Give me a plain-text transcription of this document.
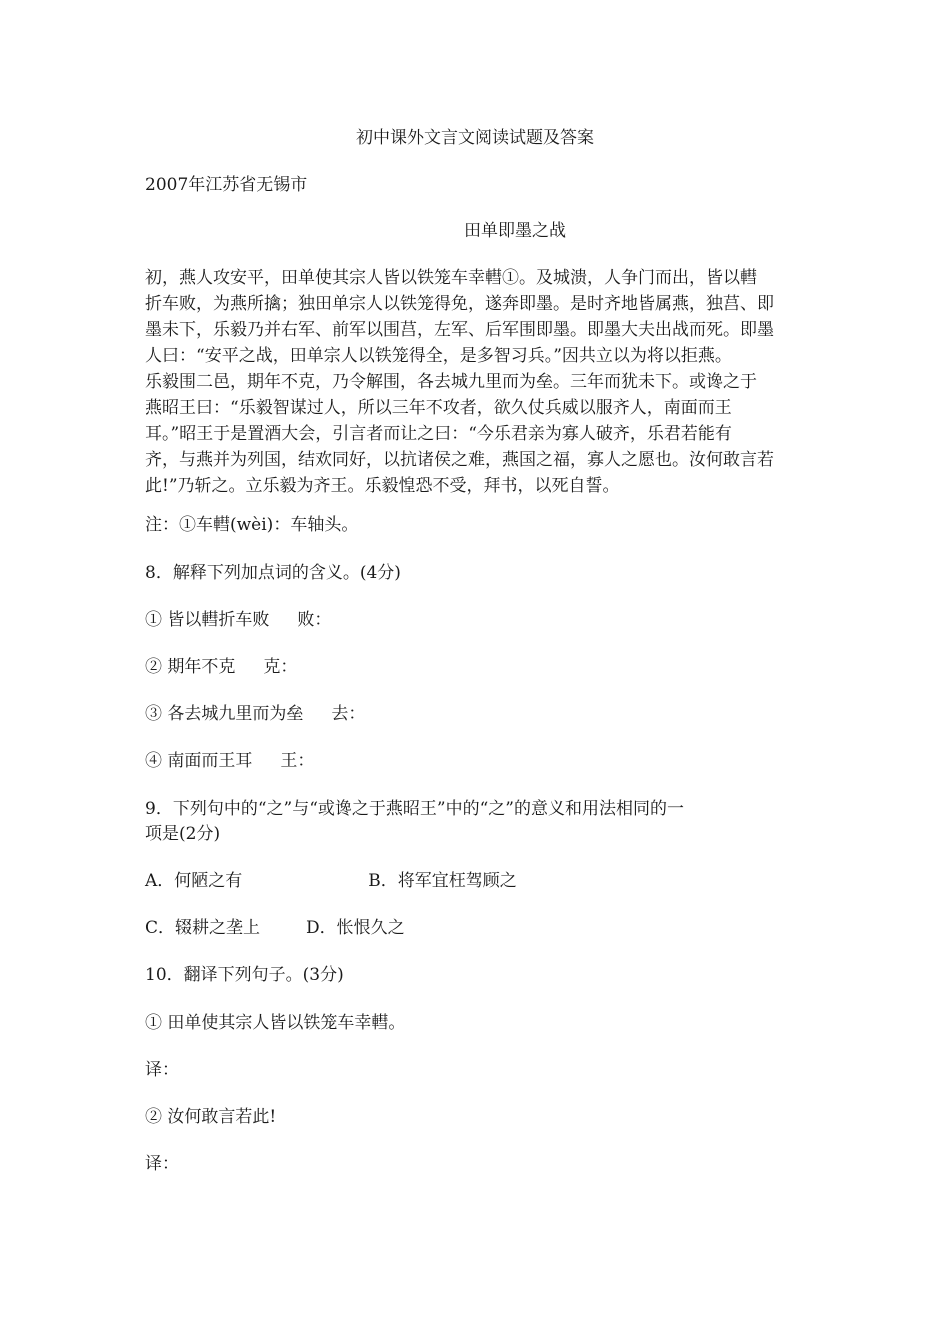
初中课外文言文阅读试题及答案
2007年江苏省无锡市
田单即墨之战
初，燕人攻安平，田单使其宗人皆以铁笼车幸轊①。及城溃，人争门而出，皆以轊
折车败，为燕所擒；独田单宗人以铁笼得免，遂奔即墨。是时齐地皆属燕，独莒、即
墨未下，乐毅乃并右军、前军以围莒，左军、后军围即墨。即墨大夫出战而死。即墨
人曰：“安平之战，田单宗人以铁笼得全，是多智习兵。”因共立以为将以拒燕。
乐毅围二邑，期年不克，乃令解围，各去城九里而为垒。三年而犹未下。或谗之于
燕昭王曰：“乐毅智谋过人，所以三年不攻者，欲久仗兵威以服齐人，南面而王
耳。”昭王于是置酒大会，引言者而让之曰：“今乐君亲为寡人破齐，乐君若能有
齐，与燕并为列国，结欢同好，以抗诸侯之难，燕国之福，寡人之愿也。汝何敢言若
此!”乃斩之。立乐毅为齐王。乐毅惶恐不受，拜书，以死自誓。
注：①车轊(wèi)：车轴头。
8．解释下列加点词的含义。(4分)
① 皆以轊折车败 败：
② 期年不克 克：
③ 各去城九里而为垒 去：
④ 南面而王耳 王：
9．下列句中的“之”与“或谗之于燕昭王”中的“之”的意义和用法相同的一
项是(2分)
A．何陋之有	B．将军宜枉驾顾之
C．辍耕之垄上	D．怅恨久之
10．翻译下列句子。(3分)
① 田单使其宗人皆以铁笼车幸轊。
译：
② 汝何敢言若此!
译：
